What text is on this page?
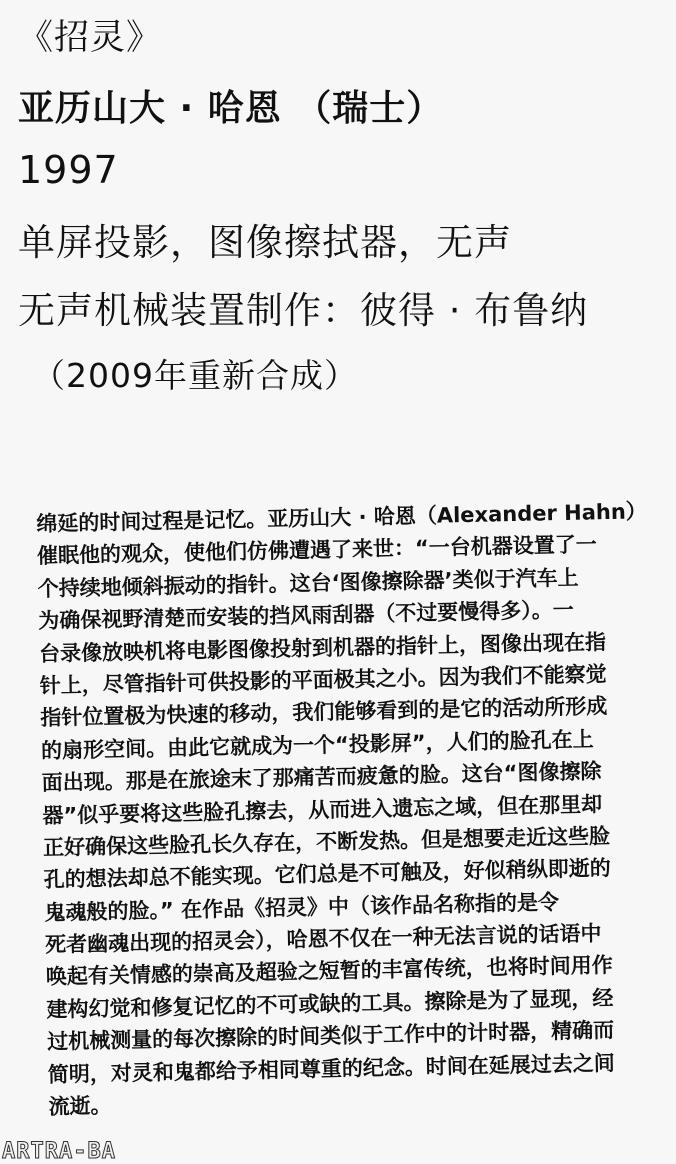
《招灵》
亚历山大 · 哈恩 （瑞士）
1997
单屏投影，图像擦拭器，无声
无声机械装置制作：彼得 · 布鲁纳
（2009年重新合成）
绵延的时间过程是记忆。亚历山大 · 哈恩（Alexander Hahn）
催眠他的观众，使他们仿佛遭遇了来世：“一台机器设置了一
个持续地倾斜振动的指针。这台‘图像擦除器’类似于汽车上
为确保视野清楚而安装的挡风雨刮器（不过要慢得多）。一
台录像放映机将电影图像投射到机器的指针上，图像出现在指
针上，尽管指针可供投影的平面极其之小。因为我们不能察觉
指针位置极为快速的移动，我们能够看到的是它的活动所形成
的扇形空间。由此它就成为一个“投影屏”，人们的脸孔在上
面出现。那是在旅途末了那痛苦而疲惫的脸。这台“图像擦除
器”似乎要将这些脸孔擦去，从而进入遗忘之域，但在那里却
正好确保这些脸孔长久存在，不断发热。但是想要走近这些脸
孔的想法却总不能实现。它们总是不可触及，好似稍纵即逝的
鬼魂般的脸。” 在作品《招灵》中（该作品名称指的是令
死者幽魂出现的招灵会），哈恩不仅在一种无法言说的话语中
唤起有关情感的崇高及超验之短暂的丰富传统，也将时间用作
建构幻觉和修复记忆的不可或缺的工具。擦除是为了显现，经
过机械测量的每次擦除的时间类似于工作中的计时器，精确而
简明，对灵和鬼都给予相同尊重的纪念。时间在延展过去之间
流逝。
ARTRA-BA
